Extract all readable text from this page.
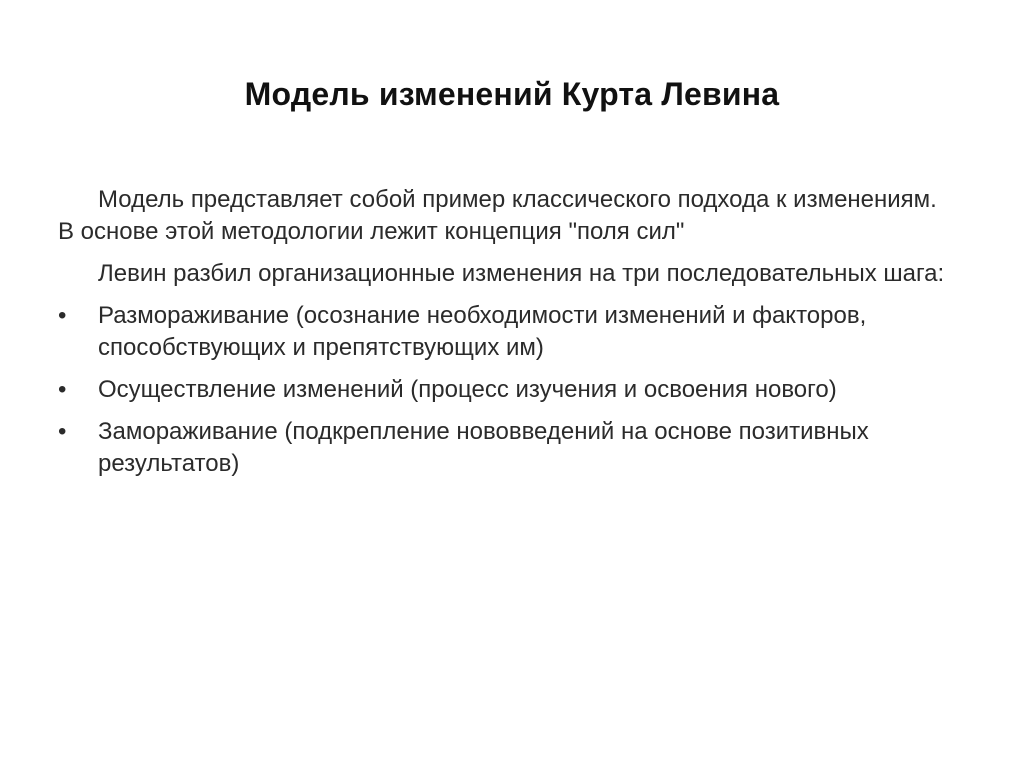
Модель изменений Курта Левина

Модель представляет собой пример классического подхода к изменениям. В основе этой методологии лежит концепция "поля сил"

Левин разбил организационные изменения на три последовательных шага:

•	Размораживание (осознание необходимости изменений и факторов, способствующих и препятствующих им)
•	Осуществление изменений (процесс изучения и освоения нового)
•	Замораживание (подкрепление нововведений на основе позитивных результатов)
